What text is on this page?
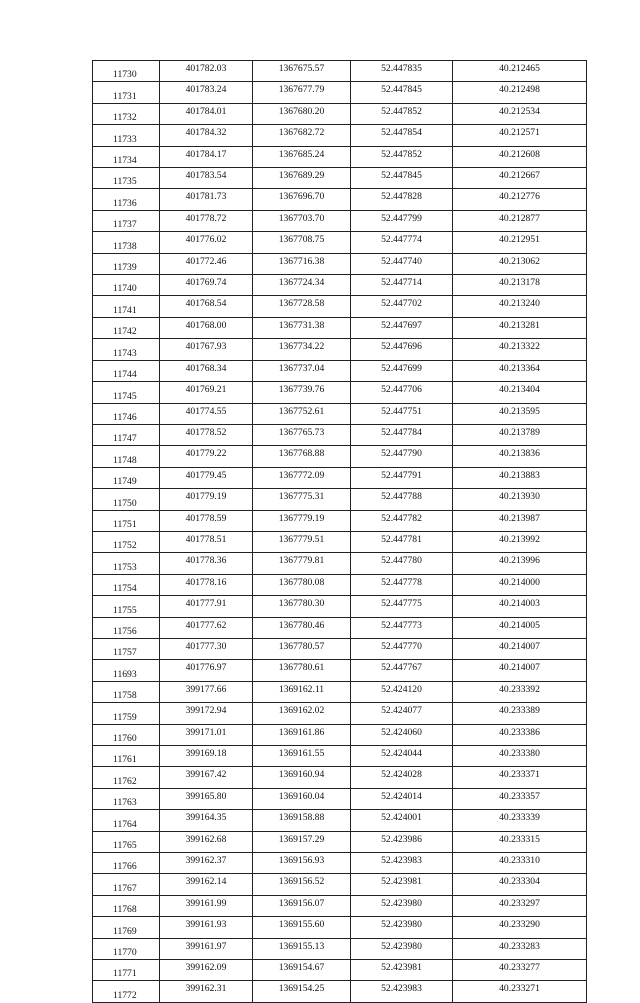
11730	401782.03	1367675.57	52.447835	40.212465
11731	401783.24	1367677.79	52.447845	40.212498
11732	401784.01	1367680.20	52.447852	40.212534
11733	401784.32	1367682.72	52.447854	40.212571
11734	401784.17	1367685.24	52.447852	40.212608
11735	401783.54	1367689.29	52.447845	40.212667
11736	401781.73	1367696.70	52.447828	40.212776
11737	401778.72	1367703.70	52.447799	40.212877
11738	401776.02	1367708.75	52.447774	40.212951
11739	401772.46	1367716.38	52.447740	40.213062
11740	401769.74	1367724.34	52.447714	40.213178
11741	401768.54	1367728.58	52.447702	40.213240
11742	401768.00	1367731.38	52.447697	40.213281
11743	401767.93	1367734.22	52.447696	40.213322
11744	401768.34	1367737.04	52.447699	40.213364
11745	401769.21	1367739.76	52.447706	40.213404
11746	401774.55	1367752.61	52.447751	40.213595
11747	401778.52	1367765.73	52.447784	40.213789
11748	401779.22	1367768.88	52.447790	40.213836
11749	401779.45	1367772.09	52.447791	40.213883
11750	401779.19	1367775.31	52.447788	40.213930
11751	401778.59	1367779.19	52.447782	40.213987
11752	401778.51	1367779.51	52.447781	40.213992
11753	401778.36	1367779.81	52.447780	40.213996
11754	401778.16	1367780.08	52.447778	40.214000
11755	401777.91	1367780.30	52.447775	40.214003
11756	401777.62	1367780.46	52.447773	40.214005
11757	401777.30	1367780.57	52.447770	40.214007
11693	401776.97	1367780.61	52.447767	40.214007
11758	399177.66	1369162.11	52.424120	40.233392
11759	399172.94	1369162.02	52.424077	40.233389
11760	399171.01	1369161.86	52.424060	40.233386
11761	399169.18	1369161.55	52.424044	40.233380
11762	399167.42	1369160.94	52.424028	40.233371
11763	399165.80	1369160.04	52.424014	40.233357
11764	399164.35	1369158.88	52.424001	40.233339
11765	399162.68	1369157.29	52.423986	40.233315
11766	399162.37	1369156.93	52.423983	40.233310
11767	399162.14	1369156.52	52.423981	40.233304
11768	399161.99	1369156.07	52.423980	40.233297
11769	399161.93	1369155.60	52.423980	40.233290
11770	399161.97	1369155.13	52.423980	40.233283
11771	399162.09	1369154.67	52.423981	40.233277
11772	399162.31	1369154.25	52.423983	40.233271
